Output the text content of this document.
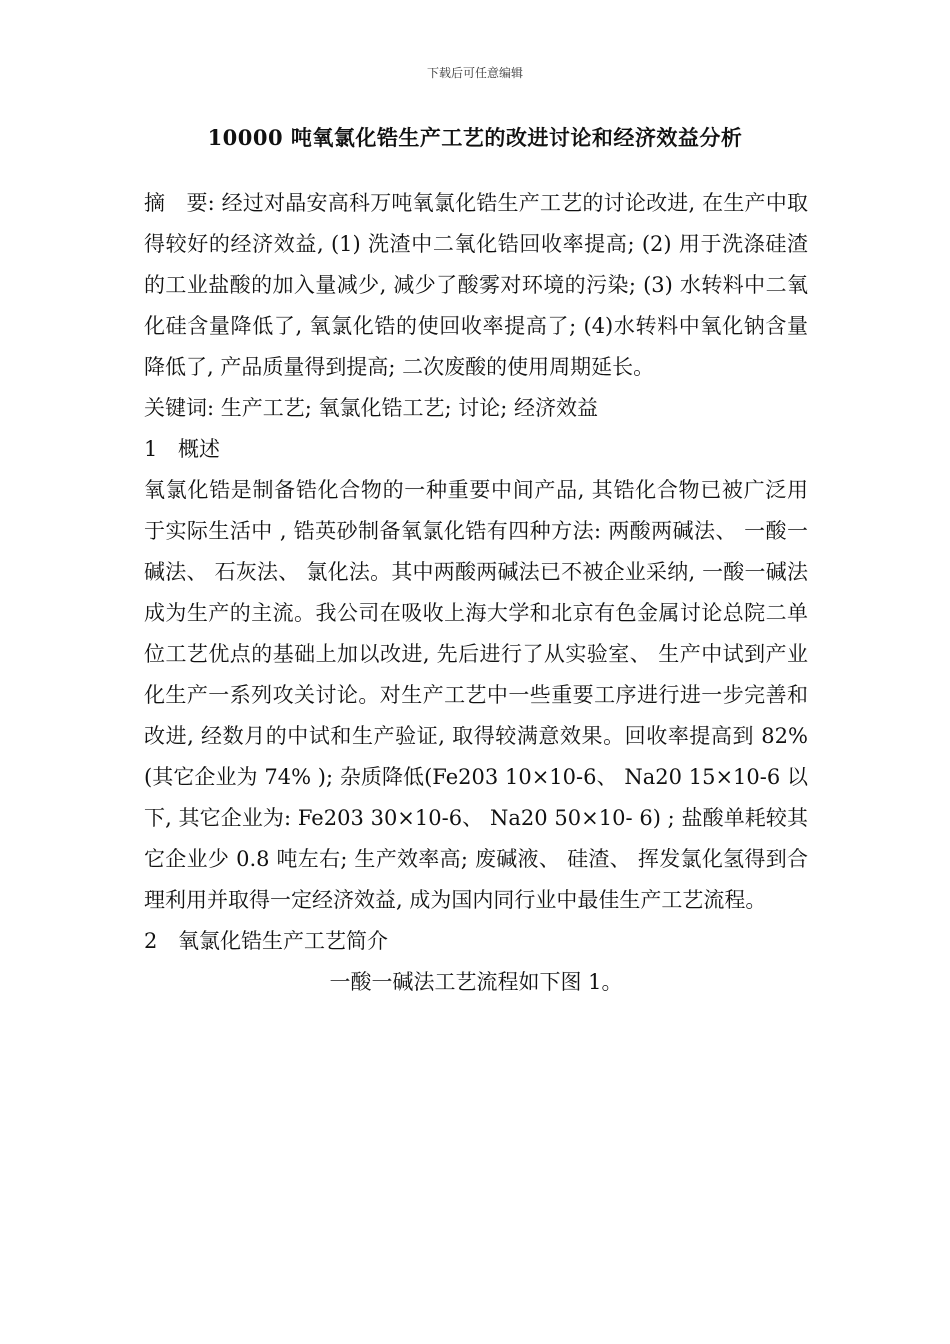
下载后可任意编辑
10000 吨氧氯化锆生产工艺的改进讨论和经济效益分析

摘　要: 经过对晶安高科万吨氧氯化锆生产工艺的讨论改进, 在生产中取得较好的经济效益, (1) 洗渣中二氧化锆回收率提高; (2) 用于洗涤硅渣的工业盐酸的加入量减少, 减少了酸雾对环境的污染; (3) 水转料中二氧化硅含量降低了, 氧氯化锆的使回收率提高了; (4)水转料中氧化钠含量降低了, 产品质量得到提高; 二次废酸的使用周期延长。

关键词: 生产工艺; 氧氯化锆工艺; 讨论; 经济效益

1 概述

氧氯化锆是制备锆化合物的一种重要中间产品, 其锆化合物已被广泛用于实际生活中 , 锆英砂制备氧氯化锆有四种方法: 两酸两碱法、 一酸一碱法、 石灰法、 氯化法。其中两酸两碱法已不被企业采纳, 一酸一碱法成为生产的主流。我公司在吸收上海大学和北京有色金属讨论总院二单位工艺优点的基础上加以改进, 先后进行了从实验室、 生产中试到产业化生产一系列攻关讨论。对生产工艺中一些重要工序进行进一步完善和改进, 经数月的中试和生产验证, 取得较满意效果。回收率提高到 82%(其它企业为 74% ); 杂质降低(Fe203 10×10-6、 Na20 15×10-6 以下, 其它企业为: Fe203 30×10-6、 Na20 50×10- 6) ; 盐酸单耗较其它企业少 0.8 吨左右; 生产效率高; 废碱液、 硅渣、 挥发氯化氢得到合理利用并取得一定经济效益, 成为国内同行业中最佳生产工艺流程。

2 氧氯化锆生产工艺简介

一酸一碱法工艺流程如下图 1。
